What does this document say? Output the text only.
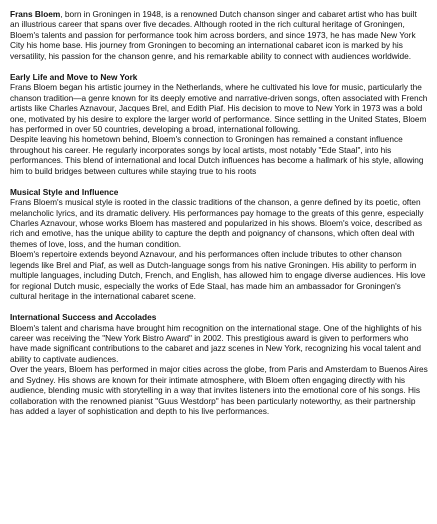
Frans Bloem, born in Groningen in 1948, is a renowned Dutch chanson singer and cabaret artist who has built an illustrious career that spans over five decades. Although rooted in the rich cultural heritage of Groningen, Bloem's talents and passion for performance took him across borders, and since 1973, he has made New York City his home base. His journey from Groningen to becoming an international cabaret icon is marked by his versatility, his passion for the chanson genre, and his remarkable ability to connect with audiences worldwide.

Early Life and Move to New York

Frans Bloem began his artistic journey in the Netherlands, where he cultivated his love for music, particularly the chanson tradition—a genre known for its deeply emotive and narrative-driven songs, often associated with French artists like Charles Aznavour, Jacques Brel, and Edith Piaf. His decision to move to New York in 1973 was a bold one, motivated by his desire to explore the larger world of performance. Since settling in the United States, Bloem has performed in over 50 countries, developing a broad, international following.

Despite leaving his hometown behind, Bloem's connection to Groningen has remained a constant influence throughout his career. He regularly incorporates songs by local artists, most notably "Ede Staal", into his performances. This blend of international and local Dutch influences has become a hallmark of his style, allowing him to build bridges between cultures while staying true to his roots

Musical Style and Influence

Frans Bloem's musical style is rooted in the classic traditions of the chanson, a genre defined by its poetic, often melancholic lyrics, and its dramatic delivery. His performances pay homage to the greats of this genre, especially Charles Aznavour, whose works Bloem has mastered and popularized in his shows. Bloem's voice, described as rich and emotive, has the unique ability to capture the depth and poignancy of chansons, which often deal with themes of love, loss, and the human condition.

Bloem's repertoire extends beyond Aznavour, and his performances often include tributes to other chanson legends like Brel and Piaf, as well as Dutch-language songs from his native Groningen. His ability to perform in multiple languages, including Dutch, French, and English, has allowed him to engage diverse audiences. His love for regional Dutch music, especially the works of Ede Staal, has made him an ambassador for Groningen's cultural heritage in the international cabaret scene.

International Success and Accolades

Bloem's talent and charisma have brought him recognition on the international stage. One of the highlights of his career was receiving the "New York Bistro Award" in 2002. This prestigious award is given to performers who have made significant contributions to the cabaret and jazz scenes in New York, recognizing his vocal talent and ability to captivate audiences.

Over the years, Bloem has performed in major cities across the globe, from Paris and Amsterdam to Buenos Aires and Sydney. His shows are known for their intimate atmosphere, with Bloem often engaging directly with his audience, blending music with storytelling in a way that invites listeners into the emotional core of his songs. His collaboration with the renowned pianist "Guus Westdorp" has been particularly noteworthy, as their partnership has added a layer of sophistication and depth to his live performances.
